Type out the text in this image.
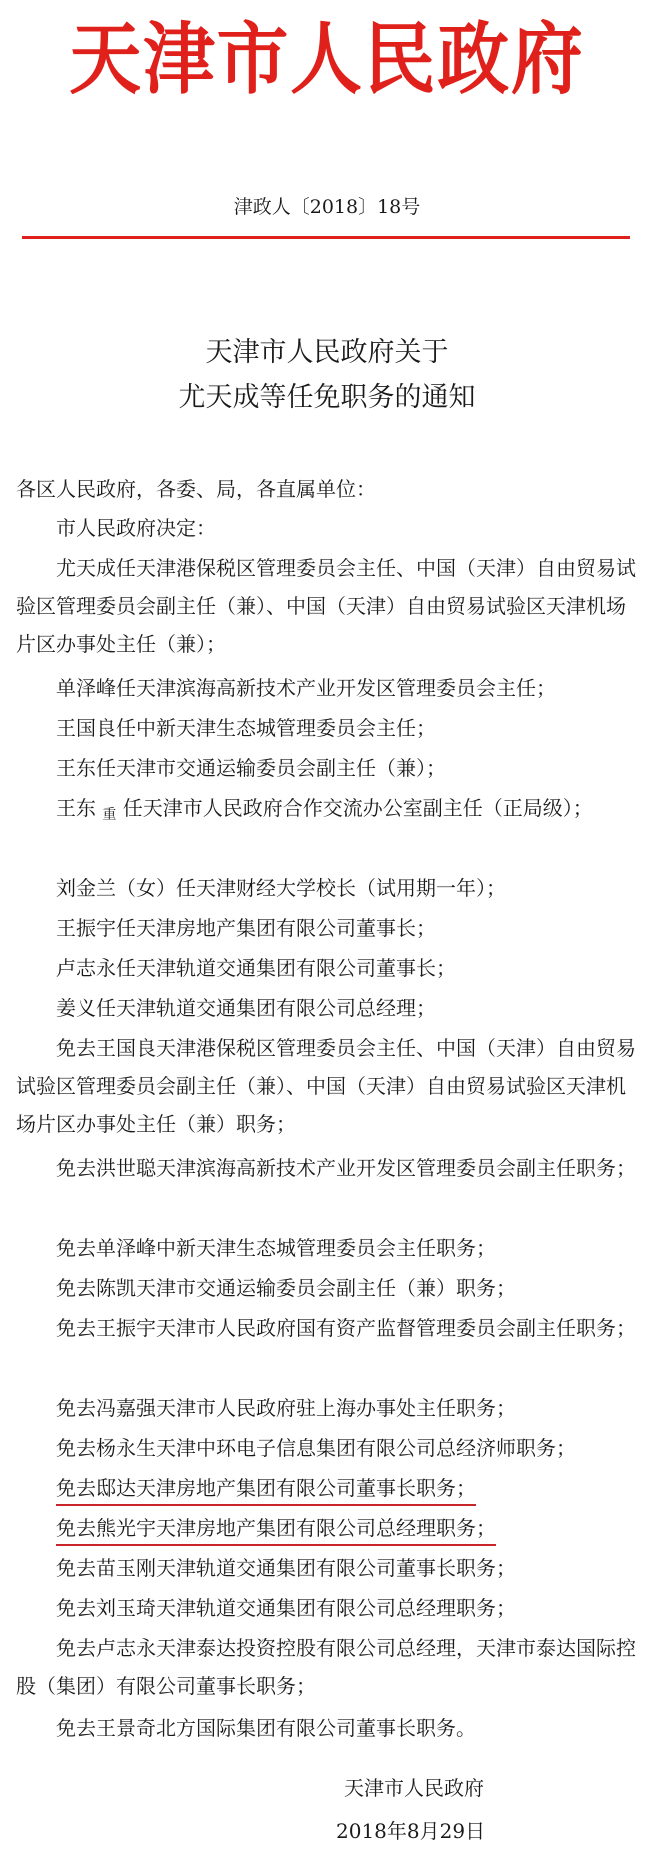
天津市人民政府
津政人〔2018〕18号
天津市人民政府关于
尤天成等任免职务的通知
各区人民政府，各委、局，各直属单位：
市人民政府决定：
尤天成任天津港保税区管理委员会主任、中国（天津）自由贸易试验区管理委员会副主任（兼）、中国（天津）自由贸易试验区天津机场片区办事处主任（兼）；
单泽峰任天津滨海高新技术产业开发区管理委员会主任；
王国良任中新天津生态城管理委员会主任；
王东任天津市交通运输委员会副主任（兼）；
王东 $_重$ 任天津市人民政府合作交流办公室副主任（正局级）；
刘金兰（女）任天津财经大学校长（试用期一年）；
王振宇任天津房地产集团有限公司董事长；
卢志永任天津轨道交通集团有限公司董事长；
姜义任天津轨道交通集团有限公司总经理；
免去王国良天津港保税区管理委员会主任、中国（天津）自由贸易试验区管理委员会副主任（兼）、中国（天津）自由贸易试验区天津机场片区办事处主任（兼）职务；
免去洪世聪天津滨海高新技术产业开发区管理委员会副主任职务；
免去单泽峰中新天津生态城管理委员会主任职务；
免去陈凯天津市交通运输委员会副主任（兼）职务；
免去王振宇天津市人民政府国有资产监督管理委员会副主任职务；
免去冯嘉强天津市人民政府驻上海办事处主任职务；
免去杨永生天津中环电子信息集团有限公司总经济师职务；
免去邸达天津房地产集团有限公司董事长职务；
免去熊光宇天津房地产集团有限公司总经理职务；
免去苗玉刚天津轨道交通集团有限公司董事长职务；
免去刘玉琦天津轨道交通集团有限公司总经理职务；
免去卢志永天津泰达投资控股有限公司总经理，天津市泰达国际控股（集团）有限公司董事长职务；
免去王景奇北方国际集团有限公司董事长职务。
天津市人民政府
2018年8月29日
